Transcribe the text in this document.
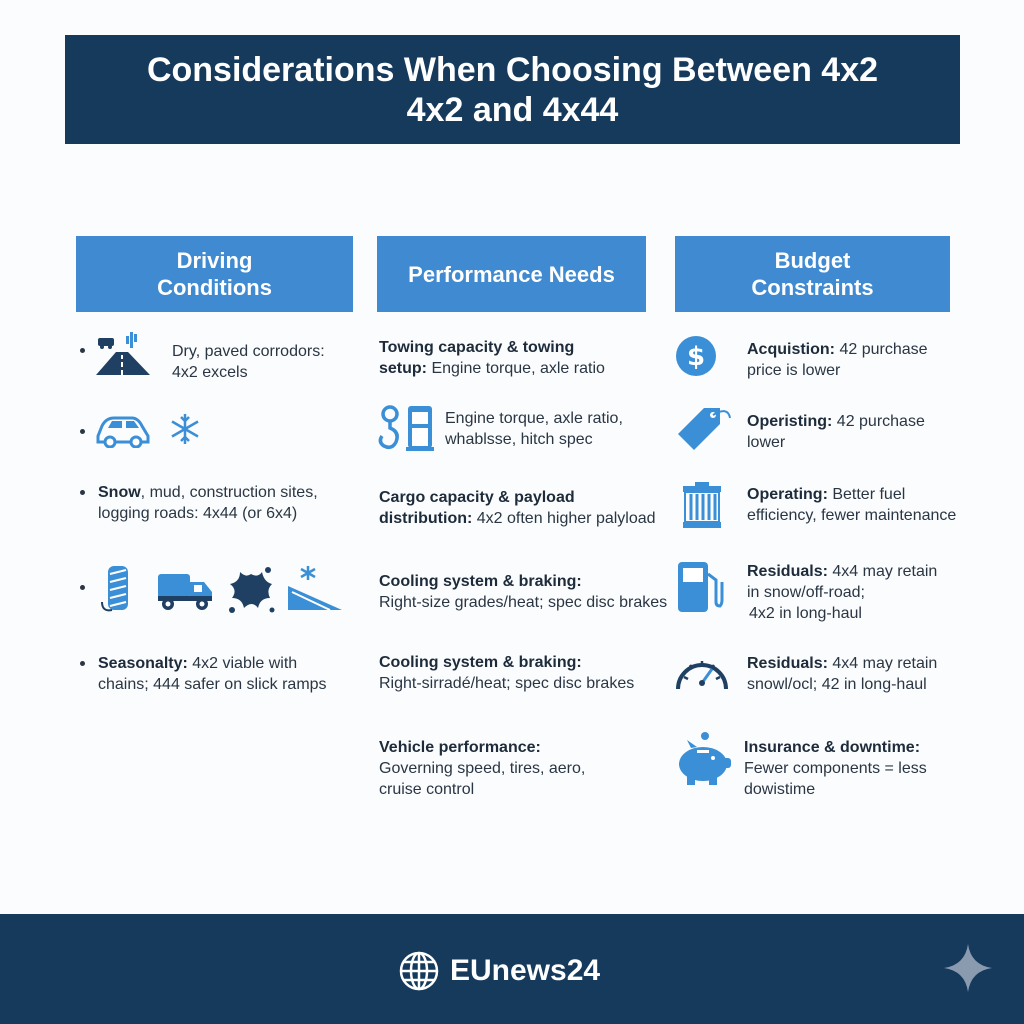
Considerations When Choosing Between 4x2
4x2 and 4x44
Driving
Conditions
Performance Needs
Budget
Constraints
Dry, paved corrodors:
4x2 excels
Snow, mud, construction sites,
logging roads: 4x44 (or 6x4)
Seasonalty: 4x2 viable with
chains; 444 safer on slick ramps
Towing capacity & towing
setup: Engine torque, axle ratio
Engine torque, axle ratio,
whablsse, hitch spec
Cargo capacity & payload
distribution: 4x2 often higher palyload
Cooling system & braking:
Right-size grades/heat; spec disc brakes
Cooling system & braking:
Right-sirradé/heat; spec disc brakes
Vehicle performance:
Governing speed, tires, aero,
cruise control
$	Acquistion: 42 purchase
price is lower
Operisting: 42 purchase
lower
Operating: Better fuel
efficiency, fewer maintenance
Residuals: 4x4 may retain
in snow/off-road;
4x2 in long-haul
Residuals: 4x4 may retain
snowl/ocl; 42 in long-haul
Insurance & downtime:
Fewer components = less
dowistime
EUnews24
